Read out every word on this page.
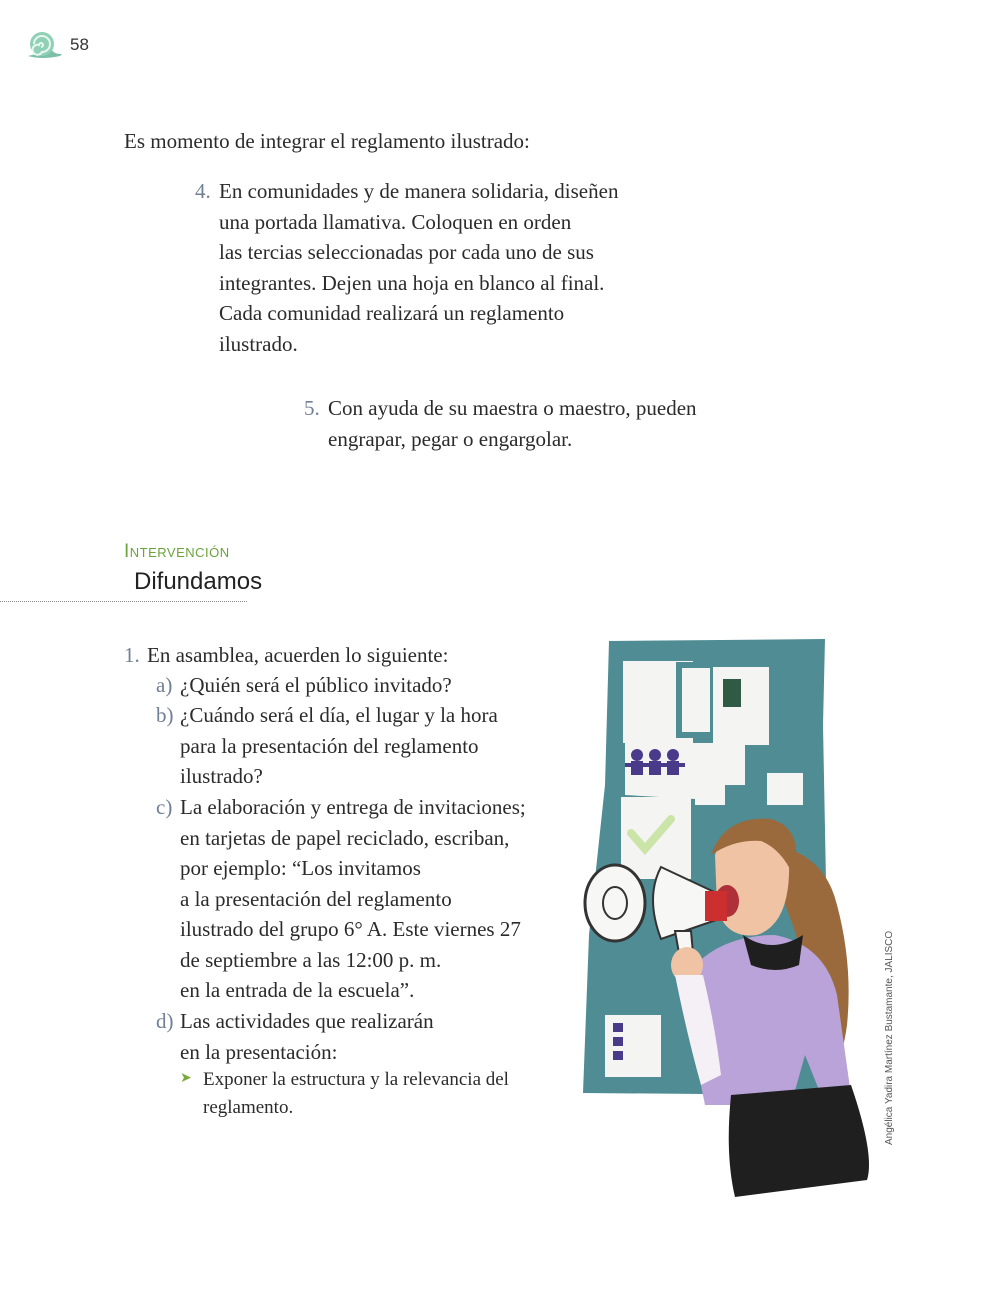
58
Es momento de integrar el reglamento ilustrado:
4. En comunidades y de manera solidaria, diseñen
una portada llamativa. Coloquen en orden
las tercias seleccionadas por cada uno de sus
integrantes. Dejen una hoja en blanco al final.
Cada comunidad realizará un reglamento
ilustrado.
5. Con ayuda de su maestra o maestro, pueden
engrapar, pegar o engargolar.
Intervención
Difundamos
1. En asamblea, acuerden lo siguiente:
a) ¿Quién será el público invitado?
b) ¿Cuándo será el día, el lugar y la hora
para la presentación del reglamento
ilustrado?
c) La elaboración y entrega de invitaciones;
en tarjetas de papel reciclado, escriban,
por ejemplo: “Los invitamos
a la presentación del reglamento
ilustrado del grupo 6° A. Este viernes 27
de septiembre a las 12:00 p. m.
en la entrada de la escuela”.
d) Las actividades que realizarán
en la presentación:
➤ Exponer la estructura y la relevancia del
reglamento.	Angélica Yadira Martínez Bustamante, JALISCO
